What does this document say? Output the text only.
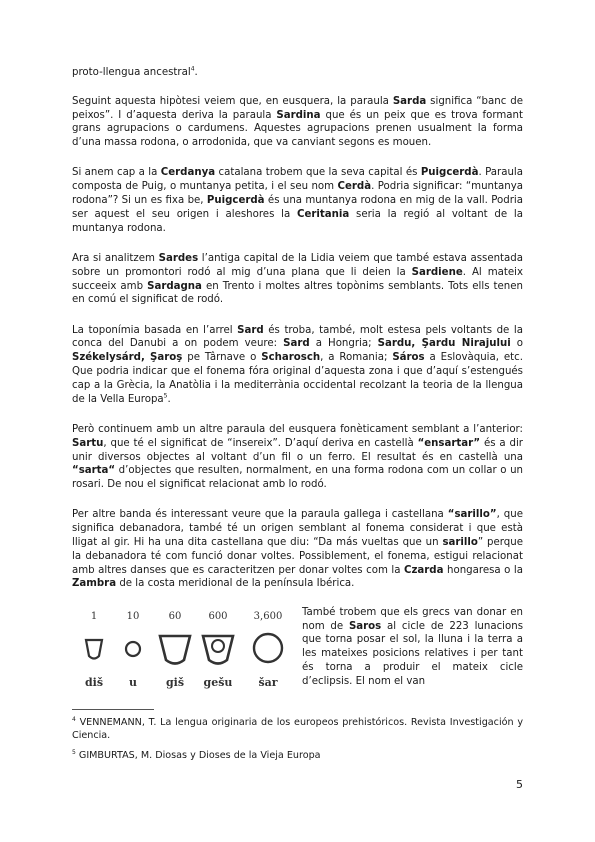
proto-llengua ancestral$^4$.

Seguint aquesta hipòtesi veiem que, en eusquera, la paraula Sarda significa “banc de peixos”. I d’aquesta deriva la paraula Sardina que és un peix que es trova formant grans agrupacions o cardumens. Aquestes agrupacions prenen usualment la forma d’una massa rodona, o arrodonida, que va canviant segons es mouen.

Si anem cap a la Cerdanya catalana trobem que la seva capital és Puigcerdà. Paraula composta de Puig, o muntanya petita, i el seu nom Cerdà. Podria significar: “muntanya rodona”? Si un es fixa be, Puigcerdà és una muntanya rodona en mig de la vall. Podria ser aquest el seu origen i aleshores la Ceritania seria la regió al voltant de la muntanya rodona.

Ara si analitzem Sardes l’antiga capital de la Lidia veiem que també estava assentada sobre un promontori rodó al mig d’una plana que li deien la Sardiene. Al mateix succeeix amb Sardagna en Trento i moltes altres topònims semblants. Tots ells tenen en comú el significat de rodó.

La toponímia basada en l’arrel Sard és troba, també, molt estesa pels voltants de la conca del Danubi a on podem veure: Sard a Hongria; Sardu, Şardu Nirajului o Székelysárd, Şaroş pe Târnave o Scharosch, a Romania; Sáros a Eslovàquia, etc. Que podria indicar que el fonema fóra original d’aquesta zona i que d’aquí s’estengués cap a la Grècia, la Anatòlia i la mediterrània occidental recolzant la teoria de la llengua de la Vella Europa$^5$.

Però continuem amb un altre paraula del eusquera fonèticament semblant a l’anterior: Sartu, que té el significat de “insereix”. D’aquí deriva en castellà “ensartar” és a dir unir diversos objectes al voltant d’un fil o un ferro. El resultat és en castellà una “sarta“ d’objectes que resulten, normalment, en una forma rodona com un collar o un rosari. De nou el significat relacionat amb lo rodó.

Per altre banda és interessant veure que la paraula gallega i castellana “sarillo”, que significa debanadora, també té un origen semblant al fonema considerat i que està lligat al gir. Hi ha una dita castellana que diu: “Da más vueltas que un sarillo” perque la debanadora té com funció donar voltes. Possiblement, el fonema, estigui relacionat amb altres danses que es caracteritzen per donar voltes com la Czarda hongaresa o la Zambra de la costa meridional de la península Ibérica.

1	10	60	600	3,600
diš u	giš gešu šar

També trobem que els grecs van donar en nom de Saros al cicle de 223 lunacions que torna posar el sol, la lluna i la terra a les mateixes posicions relatives i per tant és torna a produir el mateix cicle d’eclipsis. El nom el van

$^4$ VENNEMANN, T. La lengua originaria de los europeos prehistóricos. Revista Investigación y Ciencia.

$^5$ GIMBURTAS, M. Diosas y Dioses de la Vieja Europa

5
